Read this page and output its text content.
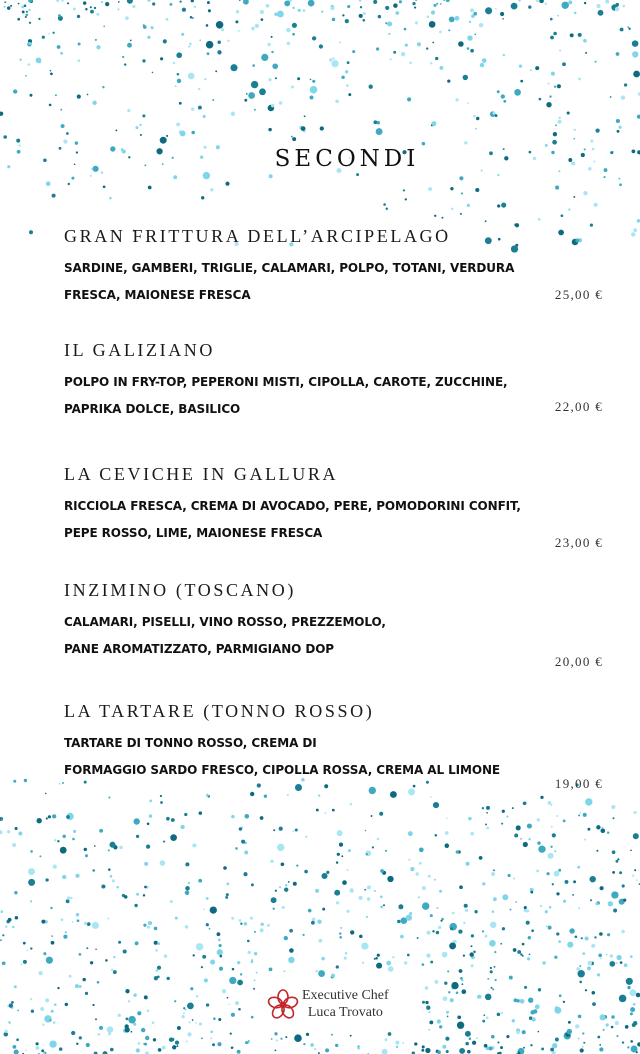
SECONDI
GRAN FRITTURA DELL’ARCIPELAGO
SARDINE, GAMBERI, TRIGLIE, CALAMARI, POLPO, TOTANI, VERDURA
FRESCA, MAIONESE FRESCA	25,00 €
IL GALIZIANO
POLPO IN FRY-TOP, PEPERONI MISTI, CIPOLLA, CAROTE, ZUCCHINE,
PAPRIKA DOLCE, BASILICO	22,00 €
LA CEVICHE IN GALLURA
RICCIOLA FRESCA, CREMA DI AVOCADO, PERE, POMODORINI CONFIT,
PEPE ROSSO, LIME, MAIONESE FRESCA
23,00 €
INZIMINO (TOSCANO)
CALAMARI, PISELLI, VINO ROSSO, PREZZEMOLO,
PANE AROMATIZZATO, PARMIGIANO DOP
20,00 €
LA TARTARE (TONNO ROSSO)
TARTARE DI TONNO ROSSO, CREMA DI
FORMAGGIO SARDO FRESCO, CIPOLLA ROSSA, CREMA AL LIMONE
19,00 €
Executive Chef
Luca Trovato
